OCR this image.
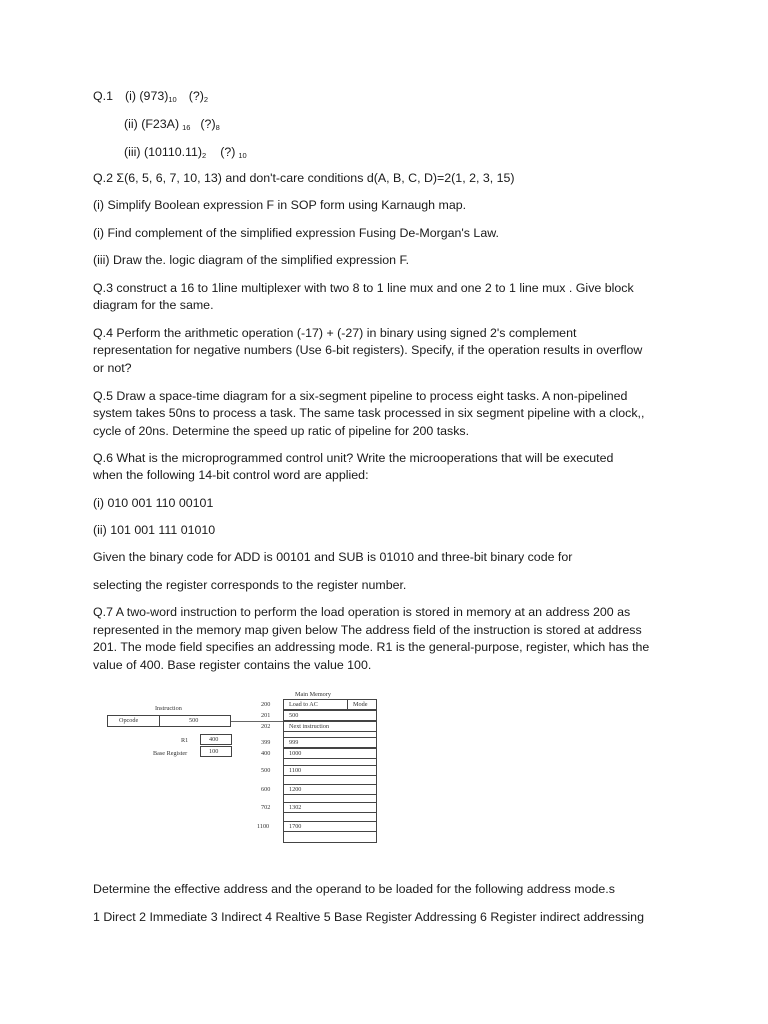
Q.1 (i) $(973)_{10}$ $(?)_2$
(ii) (F23A) $_{16}$ $(?)_8$
(iii) $(10110.11)_2$ (?) $_{10}$
Q.2 Σ(6, 5, 6, 7, 10, 13) and don't-care conditions d(A, B, C, D)=2(1, 2, 3, 15)
(i) Simplify Boolean expression F in SOP form using Karnaugh map.
(i) Find complement of the simplified expression Fusing De-Morgan's Law.
(iii) Draw the. logic diagram of the simplified expression F.
Q.3 construct a 16 to 1line multiplexer with two 8 to 1 line mux and one 2 to 1 line mux . Give block
diagram for the same.
Q.4 Perform the arithmetic operation (-17) + (-27) in binary using signed 2's complement
representation for negative numbers (Use 6-bit registers). Specify, if the operation results in overflow
or not?
Q.5 Draw a space-time diagram for a six-segment pipeline to process eight tasks. A non-pipelined
system takes 50ns to process a task. The same task processed in six segment pipeline with a clock,,
cycle of 20ns. Determine the speed up ratic of pipeline for 200 tasks.
Q.6 What is the microprogrammed control unit? Write the microoperations that will be executed
when the following 14-bit control word are applied:
(i) 010 001 110 00101
(ii) 101 001 111 01010
Given the binary code for ADD is 00101 and SUB is 01010 and three-bit binary code for
selecting the register corresponds to the register number.
Q.7 A two-word instruction to perform the load operation is stored in memory at an address 200 as
represented in the memory map given below The address field of the instruction is stored at address
201. The mode field specifies an addressing mode. R1 is the general-purpose, register, which has the
value of 400. Base register contains the value 100.
Instruction
Opcode	500
R1	400
Base Register	100
Main Memory
200	Load to AC	Mode
201	500
202	Next instruction
399	999
400	1000
500	1100
600	1200
702	1302
1100	1700
Determine the effective address and the operand to be loaded for the following address mode.s
1 Direct 2 Immediate 3 Indirect 4 Realtive 5 Base Register Addressing 6 Register indirect addressing
